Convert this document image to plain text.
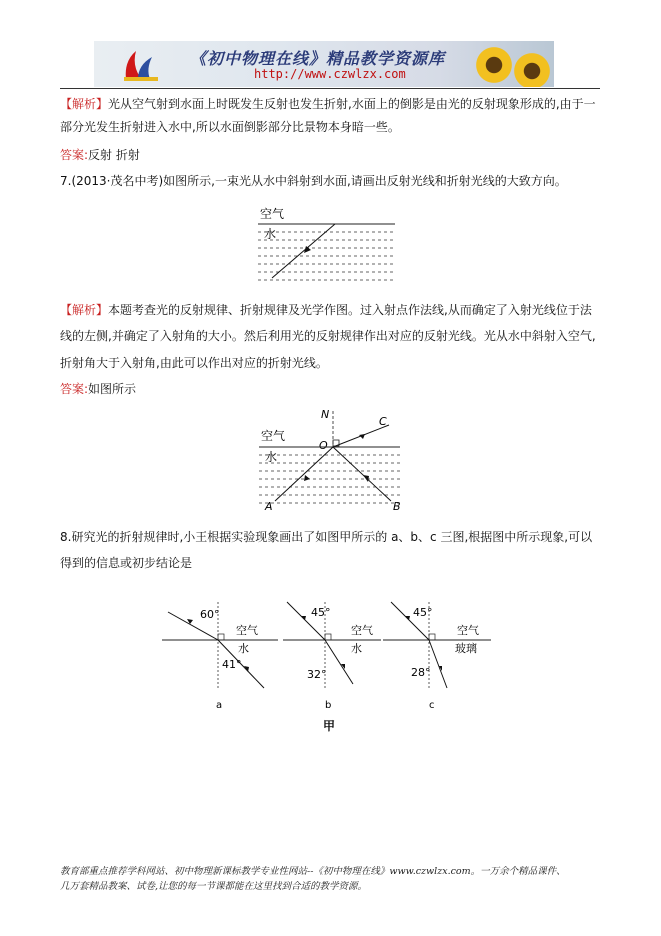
《初中物理在线》精品教学资源库
http://www.czwlzx.com
【解析】光从空气射到水面上时既发生反射也发生折射,水面上的倒影是由光的反射现象形成的,由于一
部分光发生折射进入水中,所以水面倒影部分比景物本身暗一些。
答案:反射 折射
7.(2013·茂名中考)如图所示,一束光从水中斜射到水面,请画出反射光线和折射光线的大致方向。
空气
水
【解析】本题考查光的反射规律、折射规律及光学作图。过入射点作法线,从而确定了入射光线位于法
线的左侧,并确定了入射角的大小。然后利用光的反射规律作出对应的反射光线。光从水中斜射入空气,
折射角大于入射角,由此可以作出对应的折射光线。
答案:如图所示
N
O
C
空气
水
A	B
8.研究光的折射规律时,小王根据实验现象画出了如图甲所示的 a、b、c 三图,根据图中所示现象,可以
得到的信息或初步结论是
60°
41°
空气
水
a
45°
32°
空气
水
b
45°
28°
空气
玻璃
c
甲
教育部重点推荐学科网站、初中物理新课标教学专业性网站--《初中物理在线》www.czwlzx.com。一万余个精品课件、
几万套精品教案、试卷,让您的每一节课都能在这里找到合适的教学资源。
